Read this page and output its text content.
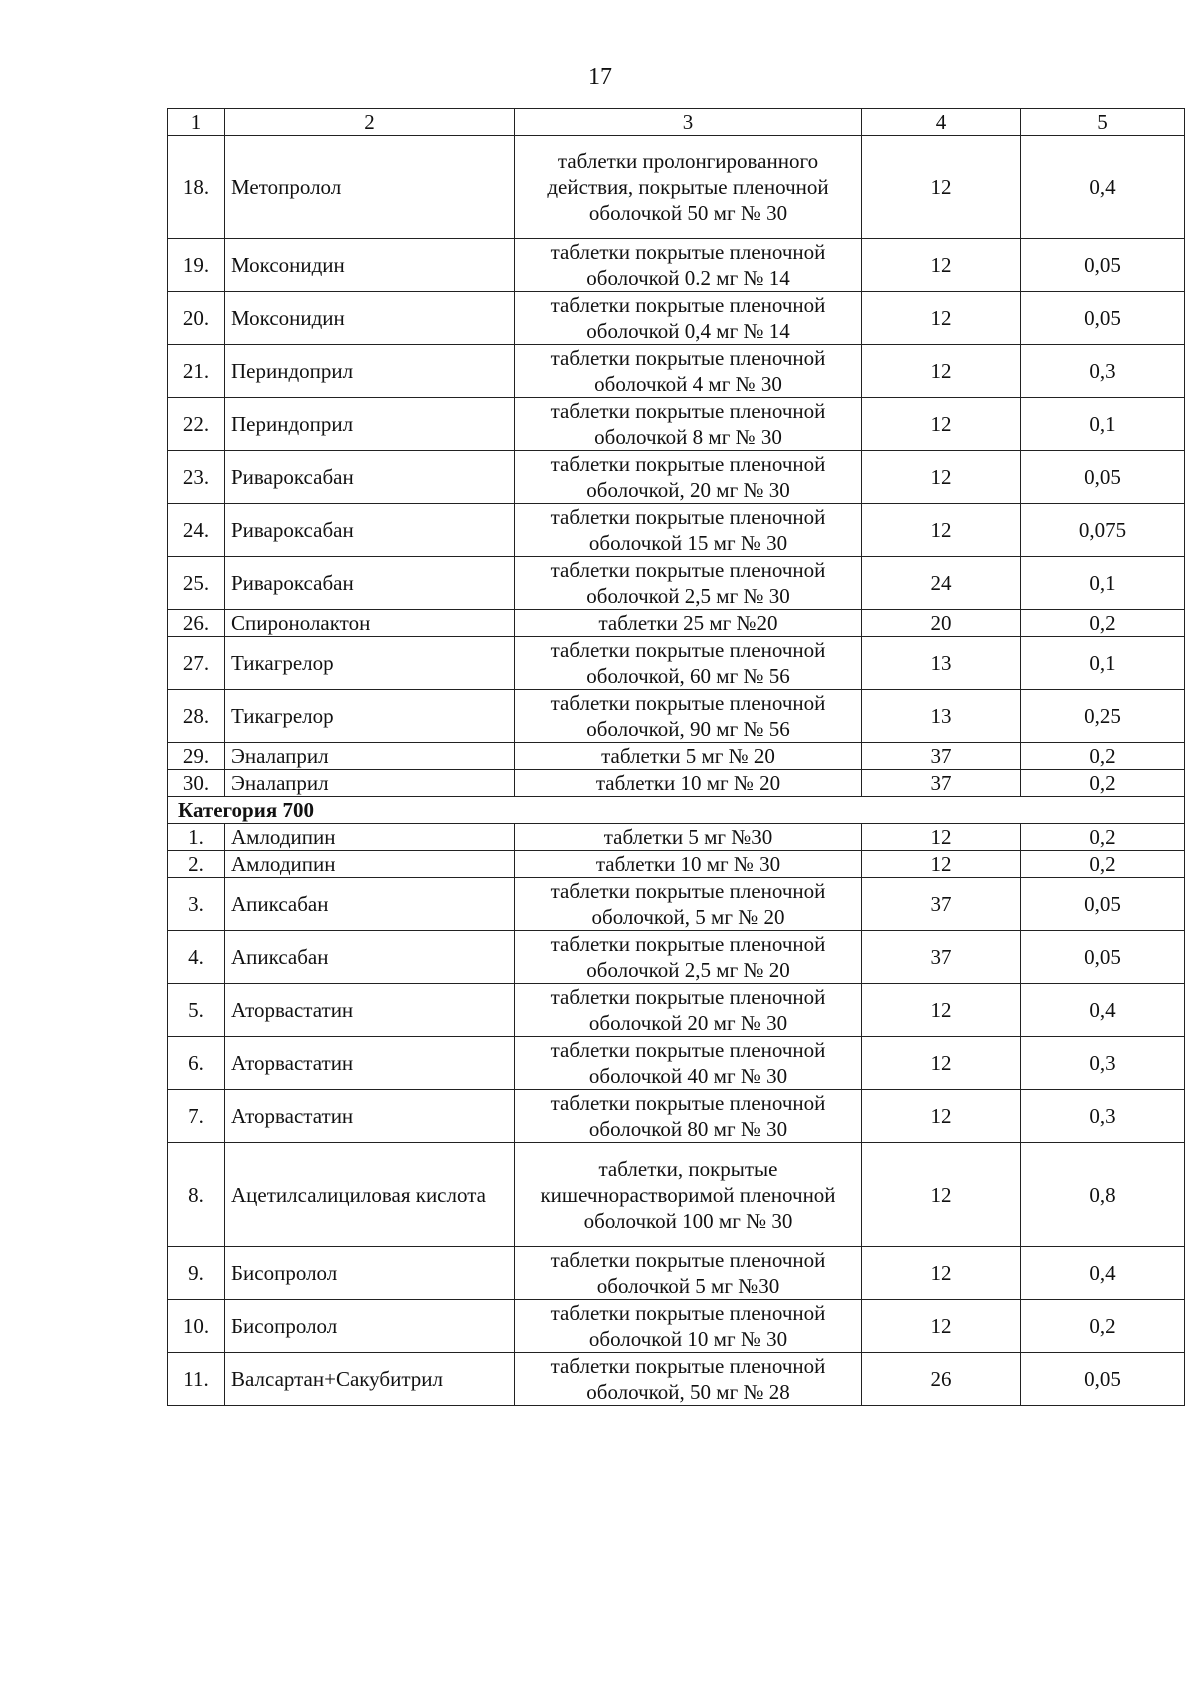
17
1	2	3	4	5
18.	Метопролол	таблетки пролонгированного действия, покрытые пленочной оболочкой 50 мг № 30	12	0,4
19.	Моксонидин	таблетки покрытые пленочной оболочкой 0.2 мг № 14	12	0,05
20.	Моксонидин	таблетки покрытые пленочной оболочкой 0,4 мг № 14	12	0,05
21.	Периндоприл	таблетки покрытые пленочной оболочкой 4 мг № 30	12	0,3
22.	Периндоприл	таблетки покрытые пленочной оболочкой 8 мг № 30	12	0,1
23.	Ривароксабан	таблетки покрытые пленочной оболочкой, 20 мг № 30	12	0,05
24.	Ривароксабан	таблетки покрытые пленочной оболочкой 15 мг № 30	12	0,075
25.	Ривароксабан	таблетки покрытые пленочной оболочкой 2,5 мг № 30	24	0,1
26.	Спиронолактон	таблетки 25 мг №20	20	0,2
27.	Тикагрелор	таблетки покрытые пленочной оболочкой, 60 мг № 56	13	0,1
28.	Тикагрелор	таблетки покрытые пленочной оболочкой, 90 мг № 56	13	0,25
29.	Эналаприл	таблетки 5 мг № 20	37	0,2
30.	Эналаприл	таблетки 10 мг № 20	37	0,2
Категория 700				
1.	Амлодипин	таблетки 5 мг №30	12	0,2
2.	Амлодипин	таблетки 10 мг № 30	12	0,2
3.	Апиксабан	таблетки покрытые пленочной оболочкой, 5 мг № 20	37	0,05
4.	Апиксабан	таблетки покрытые пленочной оболочкой 2,5 мг № 20	37	0,05
5.	Аторвастатин	таблетки покрытые пленочной оболочкой 20 мг № 30	12	0,4
6.	Аторвастатин	таблетки покрытые пленочной оболочкой 40 мг № 30	12	0,3
7.	Аторвастатин	таблетки покрытые пленочной оболочкой 80 мг № 30	12	0,3
8.	Ацетилсалициловая кислота	таблетки, покрытые кишечнорастворимой пленочной оболочкой 100 мг № 30	12	0,8
9.	Бисопролол	таблетки покрытые пленочной оболочкой 5 мг №30	12	0,4
10.	Бисопролол	таблетки покрытые пленочной оболочкой 10 мг № 30	12	0,2
11.	Валсартан+Сакубитрил	таблетки покрытые пленочной оболочкой, 50 мг № 28	26	0,05
